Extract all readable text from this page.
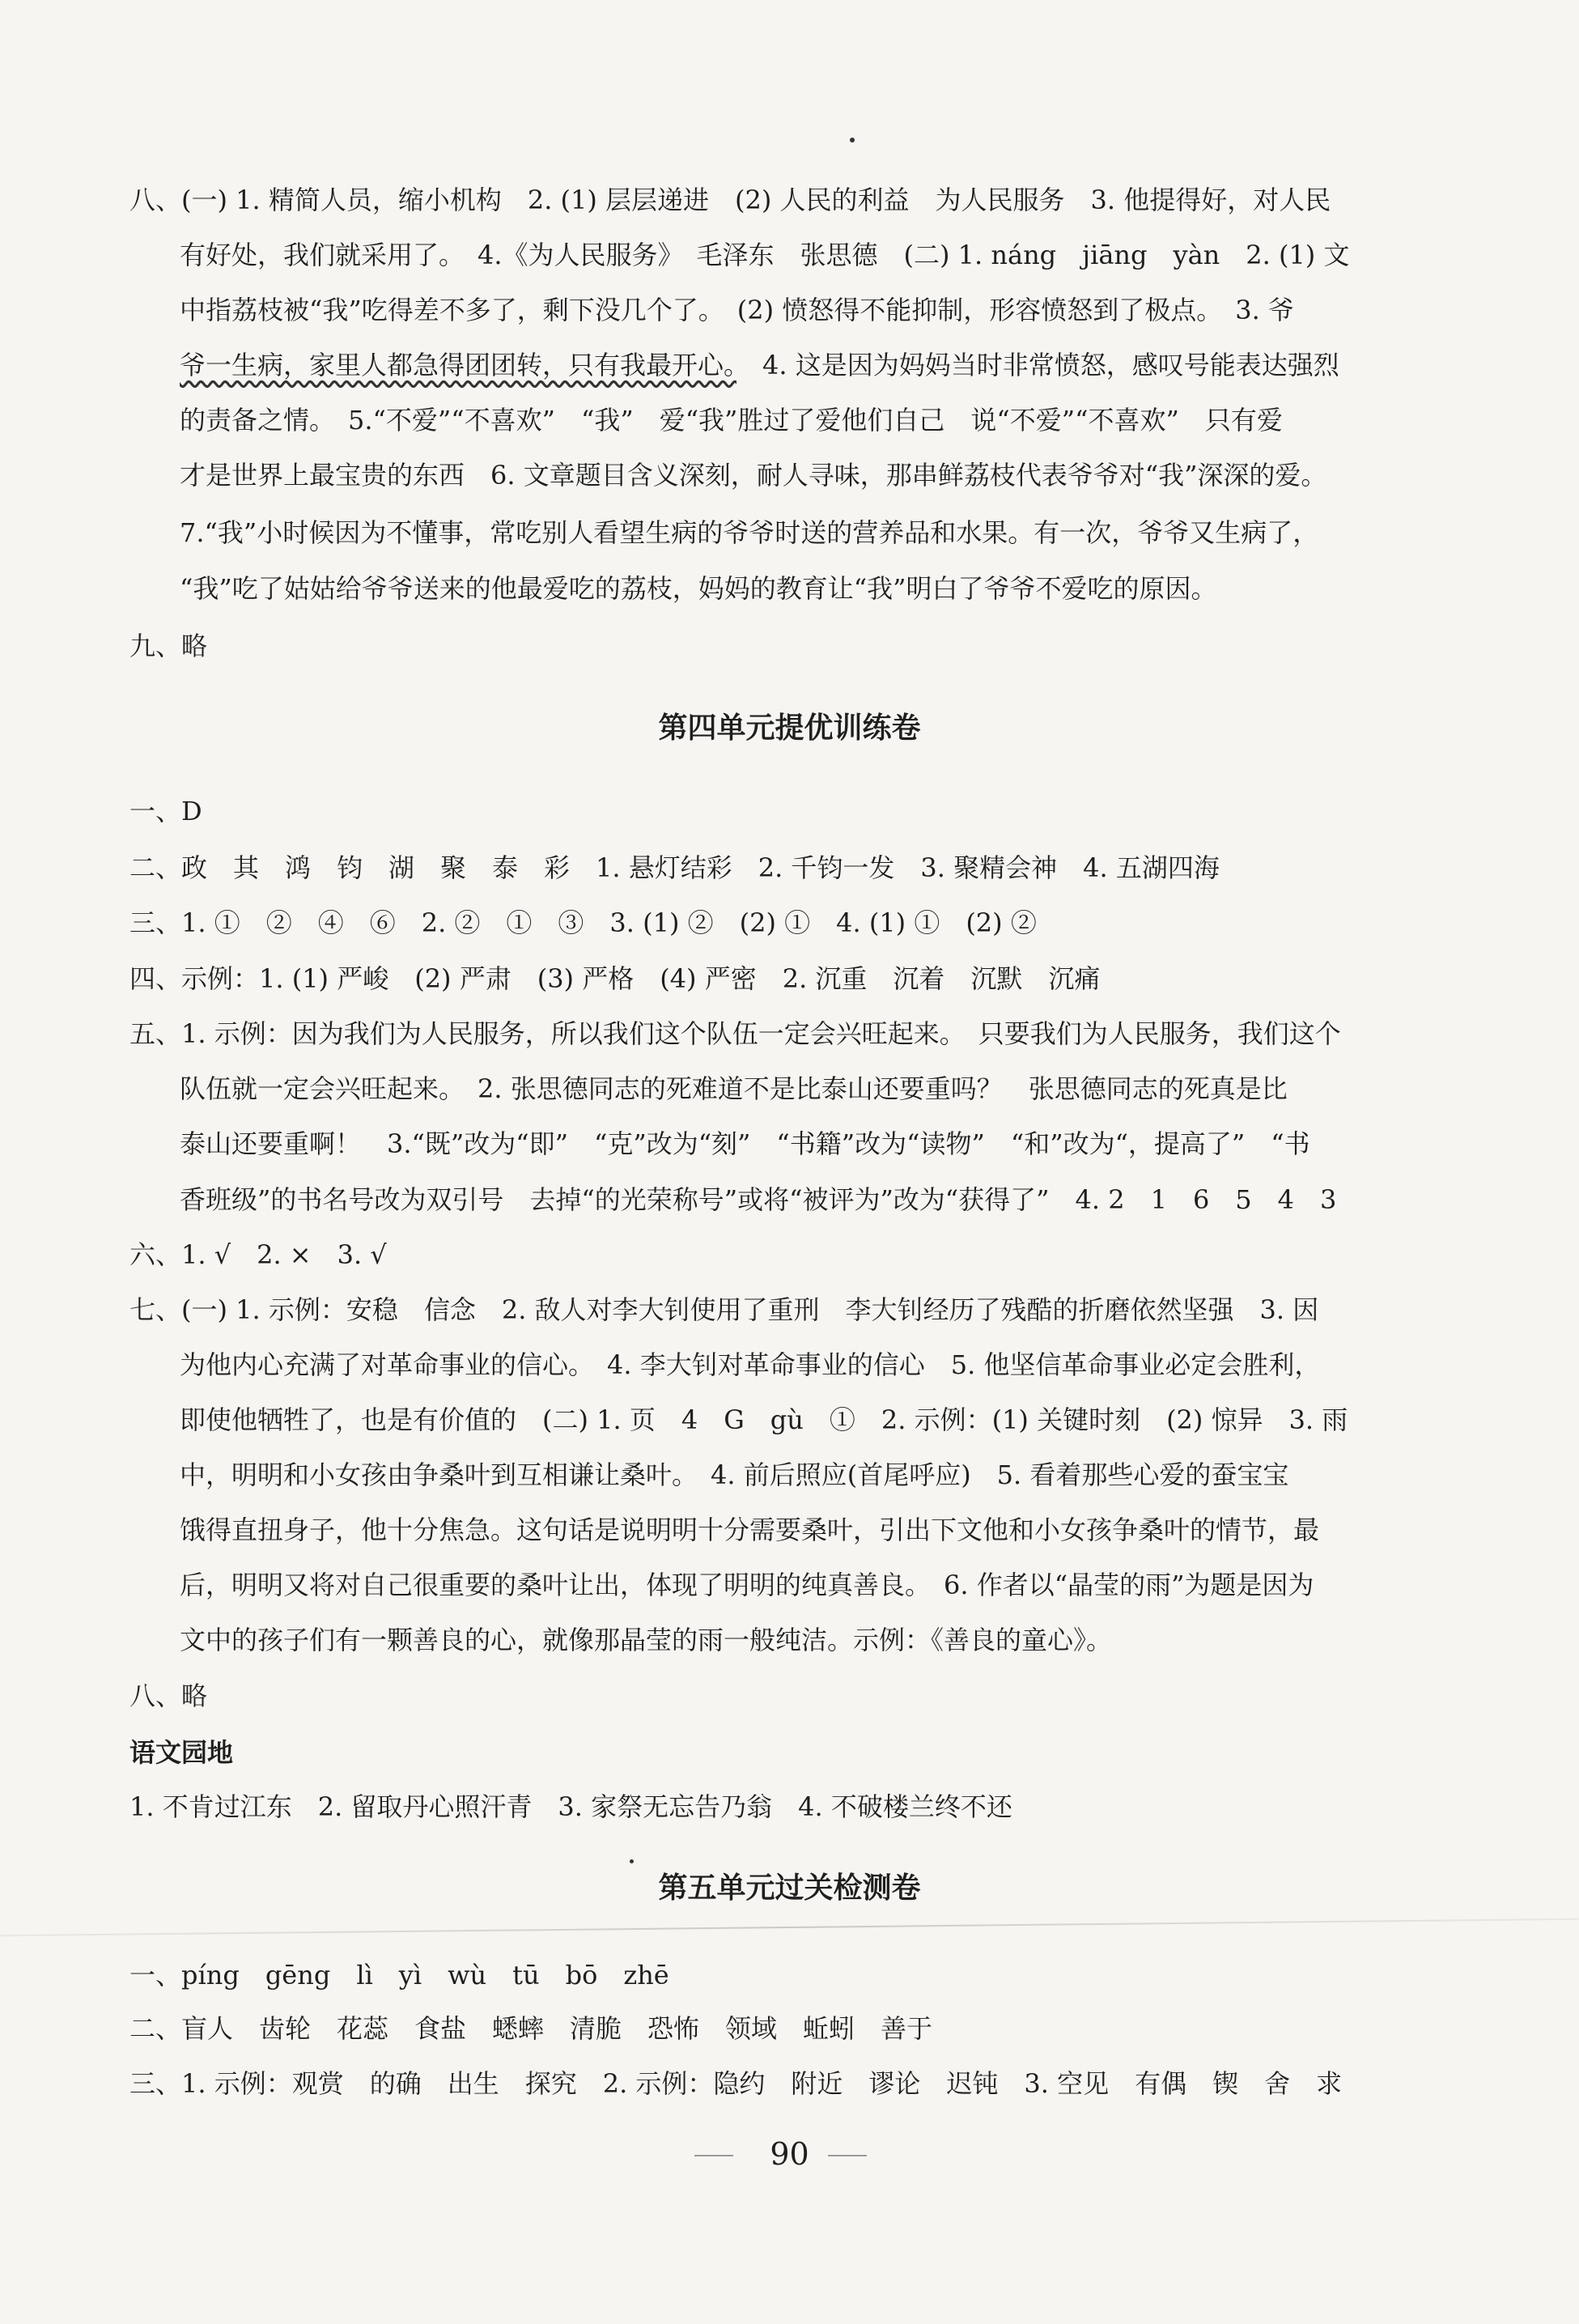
八、(一) 1. 精简人员，缩小机构　2. (1) 层层递进　(2) 人民的利益　为人民服务　3. 他提得好，对人民
有好处，我们就采用了。　4.《为人民服务》　毛泽东　张思德　(二) 1. náng　jiāng　yàn　2. (1) 文
中指荔枝被“我”吃得差不多了，剩下没几个了。　(2) 愤怒得不能抑制，形容愤怒到了极点。　3. 爷
爷一生病，家里人都急得团团转，只有我最开心。　4. 这是因为妈妈当时非常愤怒，感叹号能表达强烈
的责备之情。　5.“不爱”“不喜欢”　“我”　爱“我”胜过了爱他们自己　说“不爱”“不喜欢”　只有爱
才是世界上最宝贵的东西　6. 文章题目含义深刻，耐人寻味，那串鲜荔枝代表爷爷对“我”深深的爱。
7.“我”小时候因为不懂事，常吃别人看望生病的爷爷时送的营养品和水果。有一次，爷爷又生病了，
“我”吃了姑姑给爷爷送来的他最爱吃的荔枝，妈妈的教育让“我”明白了爷爷不爱吃的原因。
九、略
第四单元提优训练卷
一、D
二、政　其　鸿　钧　湖　聚　泰　彩　1. 悬灯结彩　2. 千钧一发　3. 聚精会神　4. 五湖四海
三、1. ①　②　④　⑥　2. ②　①　③　3. (1) ②　(2) ①　4. (1) ①　(2) ②
四、示例：1. (1) 严峻　(2) 严肃　(3) 严格　(4) 严密　2. 沉重　沉着　沉默　沉痛
五、1. 示例：因为我们为人民服务，所以我们这个队伍一定会兴旺起来。　只要我们为人民服务，我们这个
队伍就一定会兴旺起来。　2. 张思德同志的死难道不是比泰山还要重吗？　张思德同志的死真是比
泰山还要重啊！　3.“既”改为“即”　“克”改为“刻”　“书籍”改为“读物”　“和”改为“，提高了”　“书
香班级”的书名号改为双引号　去掉“的光荣称号”或将“被评为”改为“获得了”　4. 2　1　6　5　4　3
六、1. √　2. ×　3. √
七、(一) 1. 示例：安稳　信念　2. 敌人对李大钊使用了重刑　李大钊经历了残酷的折磨依然坚强　3. 因
为他内心充满了对革命事业的信心。　4. 李大钊对革命事业的信心　5. 他坚信革命事业必定会胜利，
即使他牺牲了，也是有价值的　(二) 1. 页　4　G　gù　①　2. 示例：(1) 关键时刻　(2) 惊异　3. 雨
中，明明和小女孩由争桑叶到互相谦让桑叶。　4. 前后照应(首尾呼应)　5. 看着那些心爱的蚕宝宝
饿得直扭身子，他十分焦急。这句话是说明明十分需要桑叶，引出下文他和小女孩争桑叶的情节，最
后，明明又将对自己很重要的桑叶让出，体现了明明的纯真善良。　6. 作者以“晶莹的雨”为题是因为
文中的孩子们有一颗善良的心，就像那晶莹的雨一般纯洁。示例：《善良的童心》。
八、略
语文园地
1. 不肯过江东　2. 留取丹心照汗青　3. 家祭无忘告乃翁　4. 不破楼兰终不还
第五单元过关检测卷
一、píng　gēng　lì　yì　wù　tū　bō　zhē
二、盲人　齿轮　花蕊　食盐　蟋蟀　清脆　恐怖　领域　蚯蚓　善于
三、1. 示例：观赏　的确　出生　探究　2. 示例：隐约　附近　谬论　迟钝　3. 空见　有偶　锲　舍　求
90
